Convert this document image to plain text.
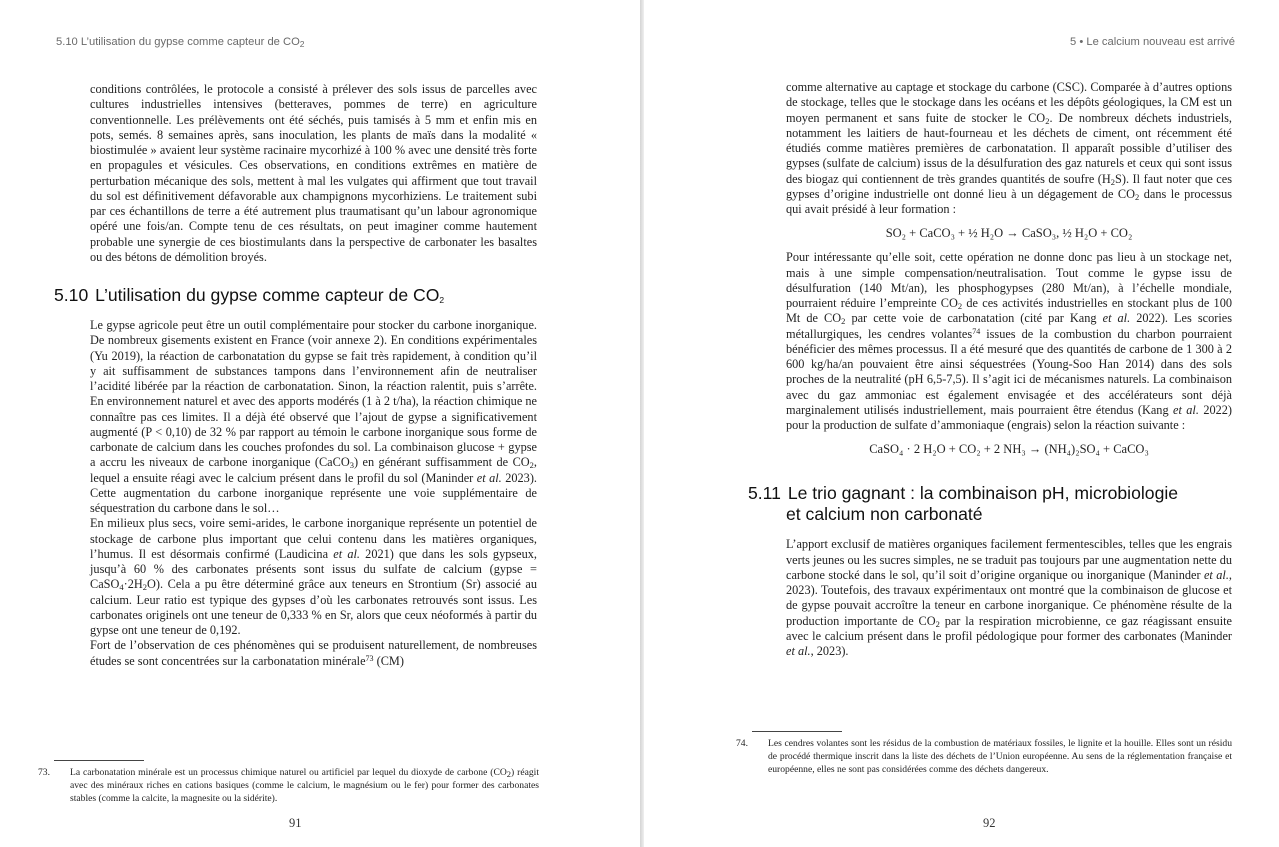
5.10 L’utilisation du gypse comme capteur de $CO_2$

conditions contrôlées, le protocole a consisté à prélever des sols issus de parcelles avec cultures industrielles intensives (betteraves, pommes de terre) en agriculture conventionnelle. Les prélèvements ont été séchés, puis tamisés à 5 mm et enfin mis en pots, semés. 8 semaines après, sans inoculation, les plants de maïs dans la modalité « biostimulée » avaient leur système racinaire mycorhizé à 100 % avec une densité très forte en propagules et vésicules. Ces observations, en conditions extrêmes en matière de perturbation mécanique des sols, mettent à mal les vulgates qui affirment que tout travail du sol est définitivement défavorable aux champignons mycorhiziens. Le traitement subi par ces échantillons de terre a été autrement plus traumatisant qu’un labour agronomique opéré une fois/an. Compte tenu de ces résultats, on peut imaginer comme hautement probable une synergie de ces biostimulants dans la perspective de carbonater les basaltes ou des bétons de démolition broyés.

5.10 L’utilisation du gypse comme capteur de $CO_2$

Le gypse agricole peut être un outil complémentaire pour stocker du carbone inorganique. De nombreux gisements existent en France (voir annexe 2). En conditions expérimentales (Yu 2019), la réaction de carbonatation du gypse se fait très rapidement, à condition qu’il y ait suffisamment de substances tampons dans l’environnement afin de neutraliser l’acidité libérée par la réaction de carbonatation. Sinon, la réaction ralentit, puis s’arrête. En environnement naturel et avec des apports modérés (1 à 2 t/ha), la réaction chimique ne connaître pas ces limites. Il a déjà été observé que l’ajout de gypse a significativement augmenté (P < 0,10) de 32 % par rapport au témoin le carbone inorganique sous forme de carbonate de calcium dans les couches profondes du sol. La combinaison glucose + gypse a accru les niveaux de carbone inorganique (CaCO$_3$) en générant suffisamment de $CO_2$, lequel a ensuite réagi avec le calcium présent dans le profil du sol (Maninder et al. 2023). Cette augmentation du carbone inorganique représente une voie supplémentaire de séquestration du carbone dans le sol…

En milieux plus secs, voire semi-arides, le carbone inorganique représente un potentiel de stockage de carbone plus important que celui contenu dans les matières organiques, l’humus. Il est désormais confirmé (Laudicina et al. 2021) que dans les sols gypseux, jusqu’à 60 % des carbonates présents sont issus du sulfate de calcium (gypse = $CaSO_4\cdot 2H_2O$). Cela a pu être déterminé grâce aux teneurs en Strontium (Sr) associé au calcium. Leur ratio est typique des gypses d’où les carbonates retrouvés sont issus. Les carbonates originels ont une teneur de 0,333 % en Sr, alors que ceux néoformés à partir du gypse ont une teneur de 0,192.

Fort de l’observation de ces phénomènes qui se produisent naturellement, de nombreuses études se sont concentrées sur la carbonatation minérale$^{73}$ (CM)

73. La carbonatation minérale est un processus chimique naturel ou artificiel par lequel du dioxyde de carbone $(CO_2)$ réagit avec des minéraux riches en cations basiques (comme le calcium, le magnésium ou le fer) pour former des carbonates stables (comme la calcite, la magnesite ou la sidérite).
91
5 • Le calcium nouveau est arrivé

comme alternative au captage et stockage du carbone (CSC). Comparée à d’autres options de stockage, telles que le stockage dans les océans et les dépôts géologiques, la CM est un moyen permanent et sans fuite de stocker le $CO_2$. De nombreux déchets industriels, notamment les laitiers de haut-fourneau et les déchets de ciment, ont récemment été étudiés comme matières premières de carbonatation. Il apparaît possible d’utiliser des gypses (sulfate de calcium) issus de la désulfuration des gaz naturels et ceux qui sont issus des biogaz qui contiennent de très grandes quantités de soufre $(H_2S)$. Il faut noter que ces gypses d’origine industrielle ont donné lieu à un dégagement de $CO_2$ dans le processus qui avait présidé à leur formation :

SO₂ + CaCO₃ + ½ H₂O → CaSO₃, ½ H₂O + CO₂

Pour intéressante qu’elle soit, cette opération ne donne donc pas lieu à un stockage net, mais à une simple compensation/neutralisation. Tout comme le gypse issu de désulfuration (140 Mt/an), les phosphogypses (280 Mt/an), à l’échelle mondiale, pourraient réduire l’empreinte $CO_2$ de ces activités industrielles en stockant plus de 100 Mt de $CO_2$ par cette voie de carbonatation (cité par Kang et al. 2022). Les scories métallurgiques, les cendres volantes$^{74}$ issues de la combustion du charbon pourraient bénéficier des mêmes processus. Il a été mesuré que des quantités de carbone de 1 300 à 2 600 kg/ha/an pouvaient être ainsi séquestrées (Young-Soo Han 2014) dans des sols proches de la neutralité (pH 6,5-7,5). Il s’agit ici de mécanismes naturels. La combinaison avec du gaz ammoniac est également envisagée et des accélérateurs sont déjà marginalement utilisés industriellement, mais pourraient être étendus (Kang et al. 2022) pour la production de sulfate d’ammoniaque (engrais) selon la réaction suivante :

CaSO₄ · 2 H₂O + CO₂ + 2 NH₃ → (NH₄)₂SO₄ + CaCO₃
5.11 Le trio gagnant : la combinaison pH, microbiologie
et calcium non carbonaté

L’apport exclusif de matières organiques facilement fermentescibles, telles que les engrais verts jeunes ou les sucres simples, ne se traduit pas toujours par une augmentation nette du carbone stocké dans le sol, qu’il soit d’origine organique ou inorganique (Maninder et al., 2023). Toutefois, des travaux expérimentaux ont montré que la combinaison de glucose et de gypse pouvait accroître la teneur en carbone inorganique. Ce phénomène résulte de la production importante de $CO_2$ par la respiration microbienne, ce gaz réagissant ensuite avec le calcium présent dans le profil pédologique pour former des carbonates (Maninder et al., 2023).

74. Les cendres volantes sont les résidus de la combustion de matériaux fossiles, le lignite et la houille. Elles sont un résidu de procédé thermique inscrit dans la liste des déchets de l’Union européenne. Au sens de la réglementation française et européenne, elles ne sont pas considérées comme des déchets dangereux.
92
